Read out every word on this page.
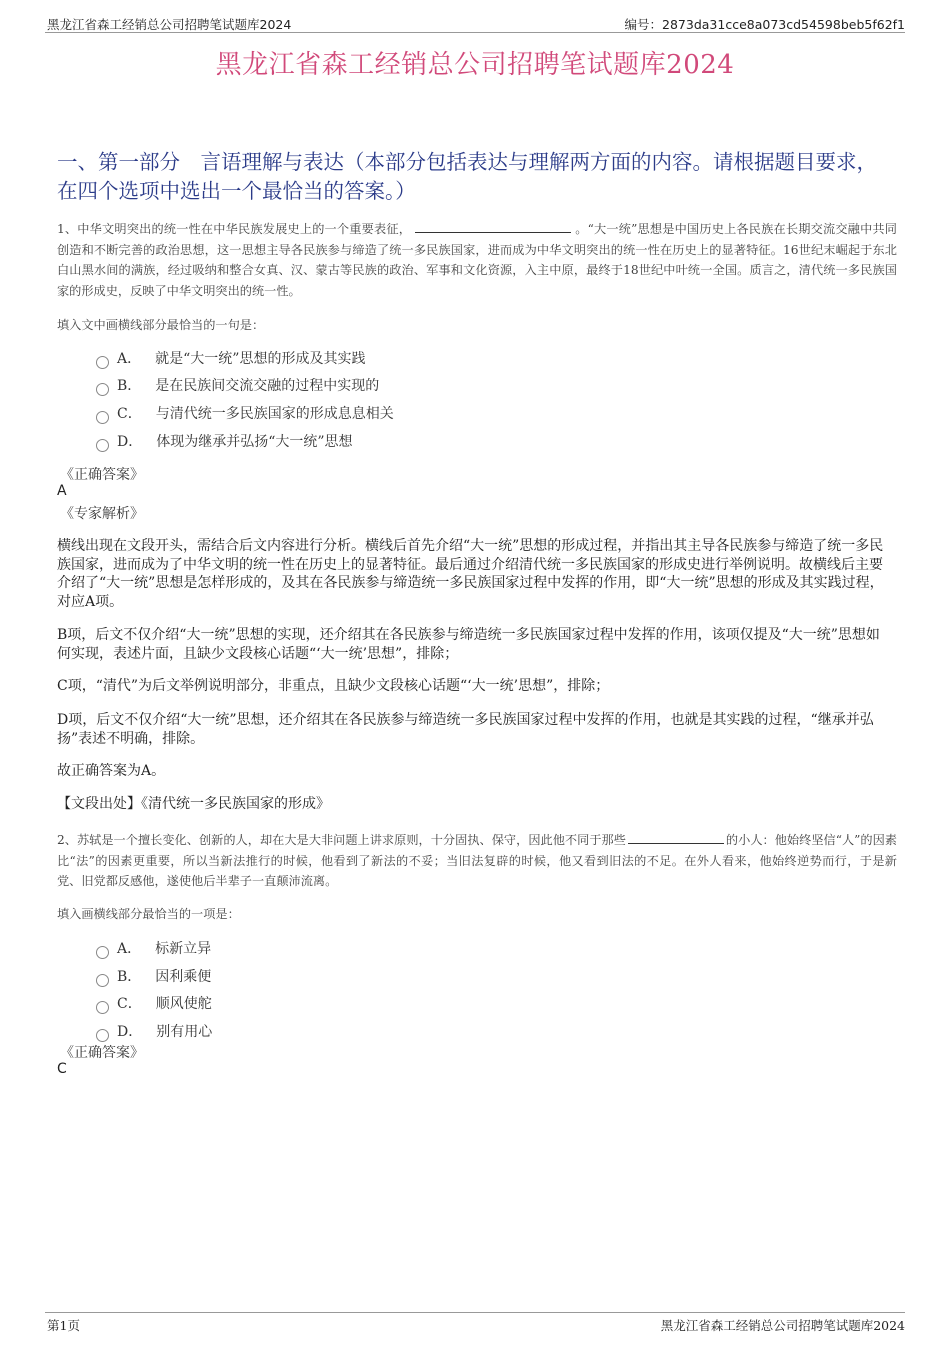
黑龙江省森工经销总公司招聘笔试题库2024	编号：2873da31cce8a073cd54598beb5f62f1
黑龙江省森工经销总公司招聘笔试题库2024
一、第一部分　言语理解与表达（本部分包括表达与理解两方面的内容。请根据题目要求，在四个选项中选出一个最恰当的答案。）
1、中华文明突出的统一性在中华民族发展史上的一个重要表征，	。“大一统”思想是中国历史上各民族在长期交流交融中共同创造和不断完善的政治思想，这一思想主导各民族参与缔造了统一多民族国家，进而成为中华文明突出的统一性在历史上的显著特征。16世纪末崛起于东北白山黑水间的满族，经过吸纳和整合女真、汉、蒙古等民族的政治、军事和文化资源，入主中原，最终于18世纪中叶统一全国。质言之，清代统一多民族国家的形成史，反映了中华文明突出的统一性。
填入文中画横线部分最恰当的一句是：
A． 就是“大一统”思想的形成及其实践
B． 是在民族间交流交融的过程中实现的
C． 与清代统一多民族国家的形成息息相关
D． 体现为继承并弘扬“大一统”思想
《正确答案》
A
《专家解析》
横线出现在文段开头，需结合后文内容进行分析。横线后首先介绍“大一统”思想的形成过程，并指出其主导各民族参与缔造了统一多民族国家，进而成为了中华文明的统一性在历史上的显著特征。最后通过介绍清代统一多民族国家的形成史进行举例说明。故横线后主要介绍了“大一统”思想是怎样形成的，及其在各民族参与缔造统一多民族国家过程中发挥的作用，即“大一统”思想的形成及其实践过程，对应A项。
B项，后文不仅介绍“大一统”思想的实现，还介绍其在各民族参与缔造统一多民族国家过程中发挥的作用，该项仅提及“大一统”思想如何实现，表述片面，且缺少文段核心话题“‘大一统’思想”，排除；
C项，“清代”为后文举例说明部分，非重点，且缺少文段核心话题“‘大一统’思想”，排除；
D项，后文不仅介绍“大一统”思想，还介绍其在各民族参与缔造统一多民族国家过程中发挥的作用，也就是其实践的过程，“继承并弘扬”表述不明确，排除。
故正确答案为A。
【文段出处】《清代统一多民族国家的形成》
2、苏轼是一个擅长变化、创新的人，却在大是大非问题上讲求原则，十分固执、保守，因此他不同于那些	的小人：他始终坚信“人”的因素比“法”的因素更重要，所以当新法推行的时候，他看到了新法的不妥；当旧法复辟的时候，他又看到旧法的不足。在外人看来，他始终逆势而行，于是新党、旧党都反感他，遂使他后半辈子一直颠沛流离。
填入画横线部分最恰当的一项是：
A． 标新立异
B． 因利乘便
C． 顺风使舵
D． 别有用心
《正确答案》
C
第1页	黑龙江省森工经销总公司招聘笔试题库2024
